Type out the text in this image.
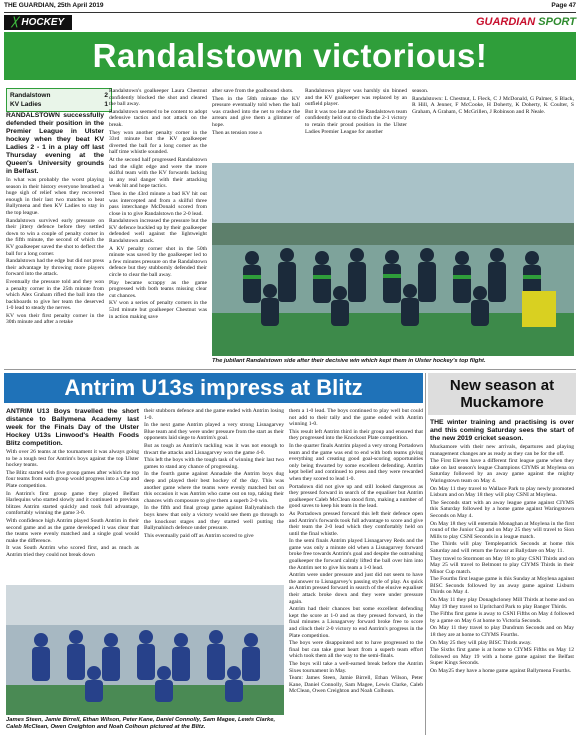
THE GUARDIAN, 25th April 2019	Page 47
╳ HOCKEY	GUARDIAN SPORT
Randalstown victorious!
Randalstown	2
KV Ladies	1

RANDALSTOWN successfully defended their position in the Premier League in Ulster hockey when they beat KV Ladies 2 - 1 in a play off last Thursday evening at the Queen's University grounds in Belfast.

In what was probably the worst playing season in their history everyone breathed a huge sigh of relief when they recovered enough in their last two matches to beat Ballymena and then KV Ladies to stay in the top league.

Randalstown survived early pressure on their jittery defence before they settled down to win a couple of penalty corner in the fifth minute, the second of which the KV goalkeeper saved the shot to deflect the ball for a long corner.

Randalstown had the edge but did not press their advantage by throwing more players forward into the attack.

Eventually the pressure told and they won a penalty corner in the 25th minute from which Alex Graham rifled the ball into the backboards to give her team the deserved 1-0 lead to steady the nerves.

KV won their first penalty corner in the 30th minute and after a retake

Randalstown's goalkeeper Laura Chestnut confidently blocked the shot and cleared the ball away.

Randalstown seemed to be content to adopt defensive tactics and not attack on the break.

They won another penalty corner in the 33rd minute but the KV goalkeeper diverted the ball for a long corner as the half time whistle sounded.

At the second half progressed Randalstown had the slight edge and were the more skilful team with the KV forwards lacking in any real danger with their attacking weak hit and hope tactics.

Then in the 43rd minute a bad KV hit out was intercepted and from a skilful three pass interchange McDonald scored from close in to give Randalstown the 2-0 lead.

Randalstown increased the pressure but the KV defence buckled up by their goalkeeper defended well against the lightweight Randalstown attack.

A KV penalty corner shot in the 50th minute was saved by the goalkeeper led to a few minutes pressure on the Randalstown defence but they stubbornly defended their circle to clear the ball away.

Play became scrappy as the game progressed with both teams missing clear cut chances.

KV won a series of penalty corners in the 53rd minute but goalkeeper Chestnut was in action making save

after save from the goalbound shots.

Then in the 58th minute the KV pressure eventually told when the ball was crashed into the net to reduce the arrears and give them a glimmer of hope.

Then as tension rose a

Randalstown player was harshly sin binned and the KV goalkeeper was replaced by an outfield player.

But it was too late and the Randalstown team confidently held out to clinch the 2-1 victory to retain their proud position in the Ulster Ladies Premier League for another

season.

Randalstown: L Chestnut, L Fleck, C J McDonald, G Palmer, S Black, R Hill, A Jenner, F McCooke, H Doherty, K Doherty, K Coulter, S Graham, A Graham, C McGrillen, J Robinson and R Neale.

The jubilant Randalstown side after their decisive win which kept them in Ulster hockey's top flight.
Antrim U13s impress at Blitz

ANTRIM U13 Boys travelled the short distance to Ballymena Academy last week for the Finals Day of the Ulster Hockey U13s Linwood's Health Foods Blitz competition.

With over 26 teams at the tournament it was always going to be a tough test for Antrim's boys against the top Ulster hockey teams.

The Blitz started with five group games after which the top four teams from each group would progress into a Cup and Plate competition.

In Antrim's first group game they played Belfast Harlequins who started slowly and it continued to previous blitzes Antrim started quickly and took full advantage, comfortably winning the game 3-0.

With confidence high Antrim played South Antrim in their second game and as the game developed it was clear that the teams were evenly matched and a single goal would make the difference.

It was South Antrim who scored first, and as much as Antrim tried they could not break down

their stubborn defence and the game ended with Antrim losing 1-0.

In the next game Antrim played a very strong Lisnagarvey Blue team and they were under pressure from the start as their opponents laid siege to Antrim's goal.

But as tough as Antrim's tackling was it was not enough to thwart the attacks and Lisnagarvey won the game 4-0.

This left the boys with the tough task of winning their last two games to stand any chance of progressing.

In the fourth game against Annadale the Antrim boys dug deep and played their best hockey of the day. This was another game where the teams were evenly matched but on this occasion it was Antrim who came out on top, taking their chances with composure to give them a superb 2-0 win.

In the fifth and final group game against Ballynahinch the boys knew that only a victory would see them go through to the knockout stages and they started well putting the Ballynahinch defence under pressure.

This eventually paid off as Antrim scored to give

them a 1-0 lead. The boys continued to play well but could not add to their tally and the game ended with Antrim winning 1-0.

This result left Antrim third in their group and ensured that they progressed into the Knockout Plate competition.

In the quarter finals Antrim played a very strong Portadown team and the game was end to end with both teams giving everything and creating good goal-scoring opportunities only being thwarted by some excellent defending. Antrim kept belief and continued to press and they were rewarded when they scored to lead 1-0.

Portadown did not give up and still looked dangerous as they pressed forward in search of the equaliser but Antrim goalkeeper Caleb McClean stood firm, making a number of good saves to keep his team in the lead.

As Portadown pressed forward this left their defence open and Antrim's forwards took full advantage to score and give their team the 2-0 lead which they comfortably held on until the final whistle.

In the semi finals Antrim played Lisnagarvey Reds and the game was only a minute old when a Lisnagarvey forward broke free towards Antrim's goal and despite the outrushing goalkeeper the forward calmly lifted the ball over him into the Antrim net to give his team a 1-0 lead.

Antrim were under pressure and just did not seem to have the answer to Lisnagarvey's passing style of play. As quick as Antrim pressed forward in search of the elusive equaliser their attack broke down and they were under pressure again.

Antrim had their chances but some excellent defending kept the score at 1-0 and as they pressed forward, in the final minutes a Lisnagarvey forward broke free to score and clinch their 2-0 victory to end Antrim's progress in the Plate competition.

The boys were disappointed not to have progressed to the final but can take great heart from a superb team effort which took them all the way to the semi-finals.

The boys will take a well-earned break before the Antrim Sixes tournament in May.

Team: James Steen, Jamie Birrell, Ethan Wilson, Peter Kane, Daniel Connolly, Sam Magee, Lewis Clarke, Caleb McClean, Owen Creighton and Noah Colhoun.

James Steen, Jamie Birrell, Ethan Wilson, Peter Kane, Daniel Connolly, Sam Magee, Lewis Clarke, Caleb McClean, Owen Creighton and Noah Colhoun pictured at the Blitz.
New season at
Muckamore

THE winter training and practising is over and this coming Saturday sees the start of the new 2019 cricket season.

Muckamore with their new arrivals, departures and playing management changes are as ready as they can be for the off.

The First Eleven have a different first league game when they take on last season's league Champions CIYMS at Moylena on Saturday followed by an away game against the mighty Waringstown team on May 4.

On May 11 they travel to Wallace Park to play newly promoted Lisburn and on May 18 they will play CSNI at Moylena.

The Seconds start with an away league game against CIYMS this Saturday followed by a home game against Waringstown Seconds on May 4.

On May 18 they will entertain Monaghan at Moylena in the first round of the Junior Cup and on May 25 they will travel to Sion Mills to play CSNI Seconds in a league match.

The Thirds will play Templepatrick Seconds at home this Saturday and will return the favour at Ballydare on May 11.

They travel to Stormont on May 18 to play CSNI Thirds and on May 25 will travel to Belmont to play CIYMS Thirds in their Minor Cup match.

The Fourths first league game is this Sunday at Moylena against BISC Seconds followed by an away game against Lisburn Thirds on May 4.

On May 11 they play Donaghcloney Mill Thirds at home and on May 19 they travel to Upritchard Park to play Banger Thirds.

The Fifths first game is away to CSNI Fifths on May 4 followed by a game on May 6 at home to Victoria Seconds.

On May 11 they travel to play Dundrum Seconds and on May 18 they are at home to CIYMS Fourths.

On May 25 they will play BISC Thirds away.

The Sixths first game is at home to CIYMS Fifths on May 12 followed on May 19 with a home game against the Belfast Super Kings Seconds.

On May25 they have a home game against Ballymena Fourths.
